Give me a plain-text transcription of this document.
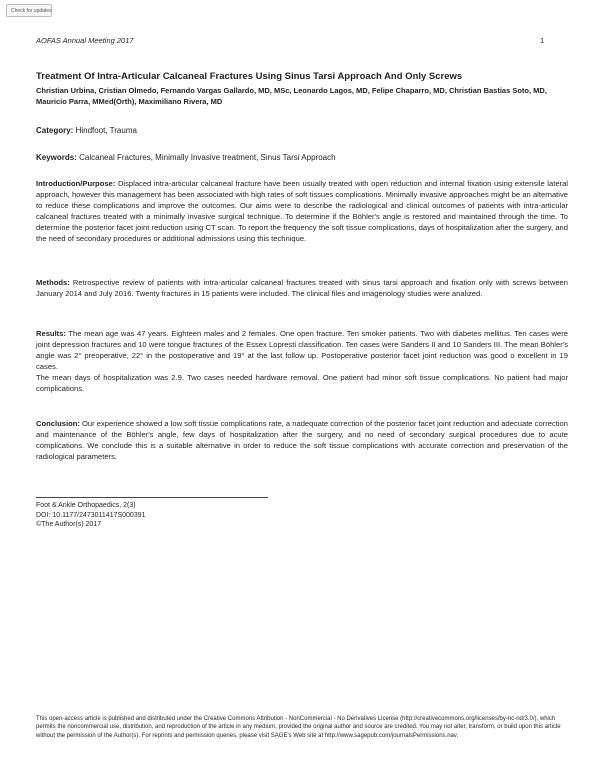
Check for updates
AOFAS Annual Meeting 2017	1
Treatment Of Intra-Articular Calcaneal Fractures Using Sinus Tarsi Approach And Only Screws

Christian Urbina, Cristian Olmedo, Fernando Vargas Gallardo, MD, MSc, Leonardo Lagos, MD, Felipe Chaparro, MD, Christian Bastias Soto, MD, Mauricio Parra, MMed(Orth), Maximiliano Rivera, MD

Category: Hindfoot, Trauma

Keywords: Calcaneal Fractures, Minimally Invasive treatment, Sinus Tarsi Approach

Introduction/Purpose: Displaced intra-articular calcaneal fracture have been usually treated with open reduction and internal fixation using extensile lateral approach, however this management has been associated with high rates of soft tissues complications. Minimally invasive approaches might be an alternative to reduce these complications and improve the outcomes. Our aims were to describe the radiological and clinical outcomes of patients with intra-articular calcaneal fractures treated with a minimally invasive surgical technique. To determine if the Böhler's angle is restored and maintained through the time. To determine the posterior facet joint reduction using CT scan. To report the frequency the soft tissue complications, days of hospitalization after the surgery, and the need of secondary procedures or additional admissions using this technique.

Methods: Retrospective review of patients with intra-articular calcaneal fractures treated with sinus tarsi approach and fixation only with screws between January 2014 and July 2016. Twenty fractures in 15 patients were included. The clinical files and imagenology studies were analized.

Results: The mean age was 47 years. Eighteen males and 2 females. One open fracture. Ten smoker patients. Two with diabetes mellitus. Ten cases were joint depression fractures and 10 were tongue fractures of the Essex Lopresti classification. Ten cases were Sanders II and 10 Sanders III. The mean Böhler's angle was 2° preoperative, 22° in the postoperative and 19° at the last follow up. Postoperative posterior facet joint reduction was good o excellent in 19 cases.
The mean days of hospitalization was 2.9. Two cases needed hardware removal. One patient had minor soft tissue complications. No patient had major complications.

Conclusion: Our experience showed a low soft tissue complications rate, a nadequate correction of the posterior facet joint reduction and adecuate correction and maintenance of the Böhler's angle, few days of hospitalization after the surgery, and no need of secondary surgical procedures due to acute complications. We conclude this is a suitable alternative in order to reduce the soft tissue complications with accurate correction and preservation of the radiological parameters.

Foot & Ankle Orthopaedics, 2(3)
DOI: 10.1177/2473011417S000391
©The Author(s) 2017

This open-access article is published and distributed under the Creative Commons Attribution - NonCommercial - No Derivatives License (http://creativecommons.org/licenses/by-nc-nd/3.0/), which permits the noncommercial use, distribution, and reproduction of the article in any medium, provided the original author and source are credited. You may not alter, transform, or build upon this article without the permission of the Author(s). For reprints and permission queries, please visit SAGE's Web site at http://www.sagepub.com/journalsPermissions.nav.
